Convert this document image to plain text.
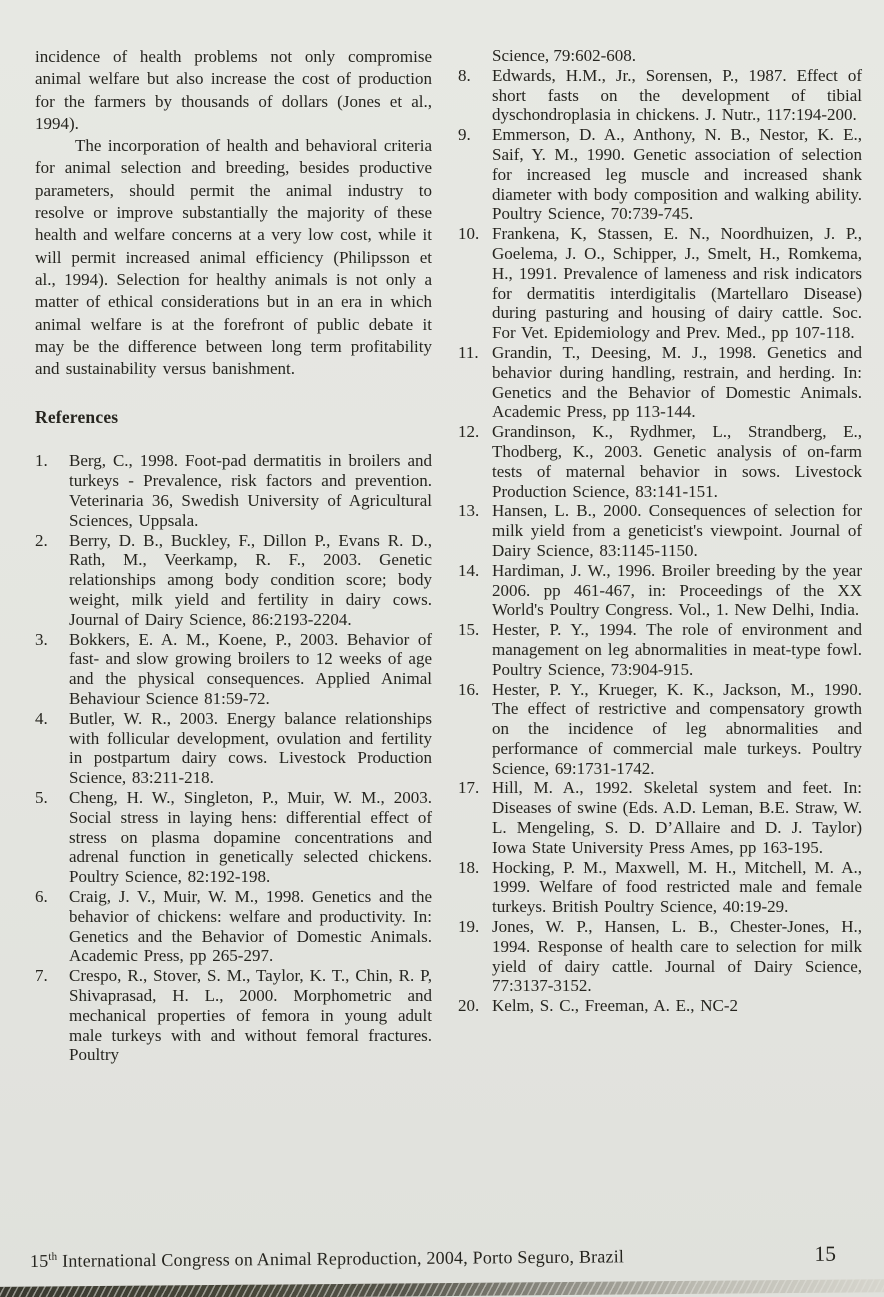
incidence of health problems not only compromise animal welfare but also increase the cost of production for the farmers by thousands of dollars (Jones et al., 1994).

The incorporation of health and behavioral criteria for animal selection and breeding, besides productive parameters, should permit the animal industry to resolve or improve substantially the majority of these health and welfare concerns at a very low cost, while it will permit increased animal efficiency (Philipsson et al., 1994). Selection for healthy animals is not only a matter of ethical considerations but in an era in which animal welfare is at the forefront of public debate it may be the difference between long term profitability and sustainability versus banishment.

References
1.	Berg, C., 1998. Foot-pad dermatitis in broilers and turkeys - Prevalence, risk factors and prevention. Veterinaria 36, Swedish University of Agricultural Sciences, Uppsala.
2.	Berry, D. B., Buckley, F., Dillon P., Evans R. D., Rath, M., Veerkamp, R. F., 2003. Genetic relationships among body condition score; body weight, milk yield and fertility in dairy cows. Journal of Dairy Science, 86:2193-2204.
3.	Bokkers, E. A. M., Koene, P., 2003. Behavior of fast- and slow growing broilers to 12 weeks of age and the physical consequences. Applied Animal Behaviour Science 81:59-72.
4.	Butler, W. R., 2003. Energy balance relationships with follicular development, ovulation and fertility in postpartum dairy cows. Livestock Production Science, 83:211-218.
5.	Cheng, H. W., Singleton, P., Muir, W. M., 2003. Social stress in laying hens: differential effect of stress on plasma dopamine concentrations and adrenal function in genetically selected chickens. Poultry Science, 82:192-198.
6.	Craig, J. V., Muir, W. M., 1998. Genetics and the behavior of chickens: welfare and productivity. In: Genetics and the Behavior of Domestic Animals. Academic Press, pp 265-297.
7.	Crespo, R., Stover, S. M., Taylor, K. T., Chin, R. P, Shivaprasad, H. L., 2000. Morphometric and mechanical properties of femora in young adult male turkeys with and without femoral fractures. Poultry
Science, 79:602-608.
8.	Edwards, H.M., Jr., Sorensen, P., 1987. Effect of short fasts on the development of tibial dyschondroplasia in chickens. J. Nutr., 117:194-200.
9.	Emmerson, D. A., Anthony, N. B., Nestor, K. E., Saif, Y. M., 1990. Genetic association of selection for increased leg muscle and increased shank diameter with body composition and walking ability. Poultry Science, 70:739-745.
10. Frankena, K, Stassen, E. N., Noordhuizen, J. P., Goelema, J. O., Schipper, J., Smelt, H., Romkema, H., 1991. Prevalence of lameness and risk indicators for dermatitis interdigitalis (Martellaro Disease) during pasturing and housing of dairy cattle. Soc. For Vet. Epidemiology and Prev. Med., pp 107-118.
11. Grandin, T., Deesing, M. J., 1998. Genetics and behavior during handling, restrain, and herding. In: Genetics and the Behavior of Domestic Animals. Academic Press, pp 113-144.
12. Grandinson, K., Rydhmer, L., Strandberg, E., Thodberg, K., 2003. Genetic analysis of on-farm tests of maternal behavior in sows. Livestock Production Science, 83:141-151.
13. Hansen, L. B., 2000. Consequences of selection for milk yield from a geneticist's viewpoint. Journal of Dairy Science, 83:1145-1150.
14. Hardiman, J. W., 1996. Broiler breeding by the year 2006. pp 461-467, in: Proceedings of the XX World's Poultry Congress. Vol., 1. New Delhi, India.
15. Hester, P. Y., 1994. The role of environment and management on leg abnormalities in meat-type fowl. Poultry Science, 73:904-915.
16. Hester, P. Y., Krueger, K. K., Jackson, M., 1990. The effect of restrictive and compensatory growth on the incidence of leg abnormalities and performance of commercial male turkeys. Poultry Science, 69:1731-1742.
17. Hill, M. A., 1992. Skeletal system and feet. In: Diseases of swine (Eds. A.D. Leman, B.E. Straw, W. L. Mengeling, S. D. D’Allaire and D. J. Taylor) Iowa State University Press Ames, pp 163-195.
18. Hocking, P. M., Maxwell, M. H., Mitchell, M. A., 1999. Welfare of food restricted male and female turkeys. British Poultry Science, 40:19-29.
19. Jones, W. P., Hansen, L. B., Chester-Jones, H., 1994. Response of health care to selection for milk yield of dairy cattle. Journal of Dairy Science, 77:3137-3152.
20. Kelm, S. C., Freeman, A. E., NC-2
15th International Congress on Animal Reproduction, 2004, Porto Seguro, Brazil	15
